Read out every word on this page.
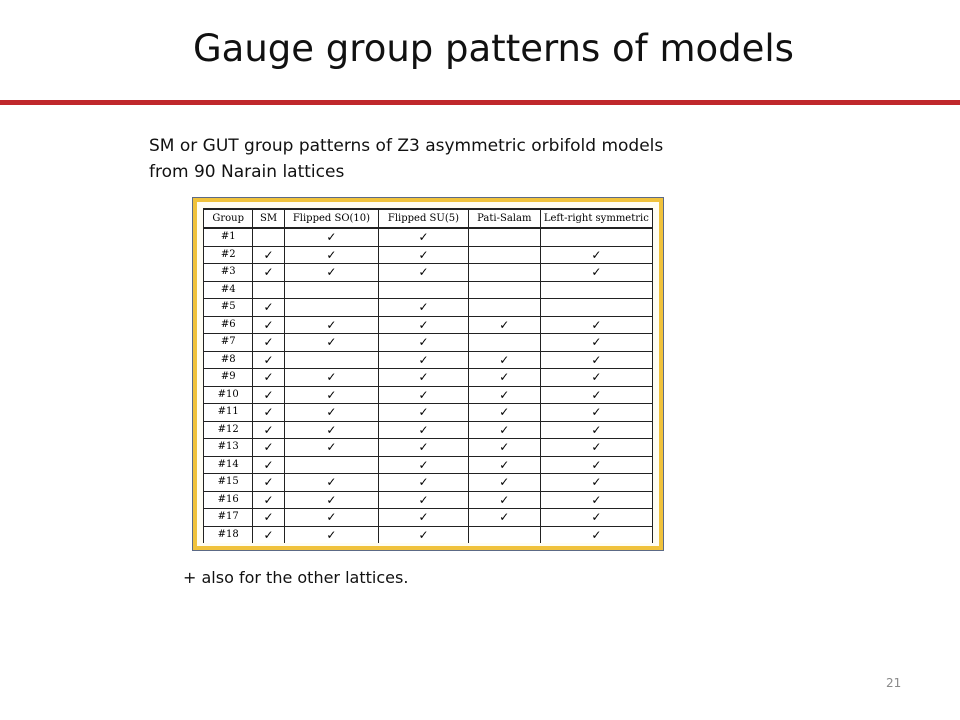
Gauge group patterns of models
SM or GUT group patterns of Z3 asymmetric orbifold models
from 90 Narain lattices
Group	SM	Flipped SO(10)	Flipped SU(5)	Pati-Salam	Left-right symmetric
#1		✓	✓		
#2	✓	✓	✓		✓
#3	✓	✓	✓		✓
#4					
#5	✓		✓		
#6	✓	✓	✓	✓	✓
#7	✓	✓	✓		✓
#8	✓		✓	✓	✓
#9	✓	✓	✓	✓	✓
#10	✓	✓	✓	✓	✓
#11	✓	✓	✓	✓	✓
#12	✓	✓	✓	✓	✓
#13	✓	✓	✓	✓	✓
#14	✓		✓	✓	✓
#15	✓	✓	✓	✓	✓
#16	✓	✓	✓	✓	✓
#17	✓	✓	✓	✓	✓
#18	✓	✓	✓		✓
+ also for the other lattices.
21
